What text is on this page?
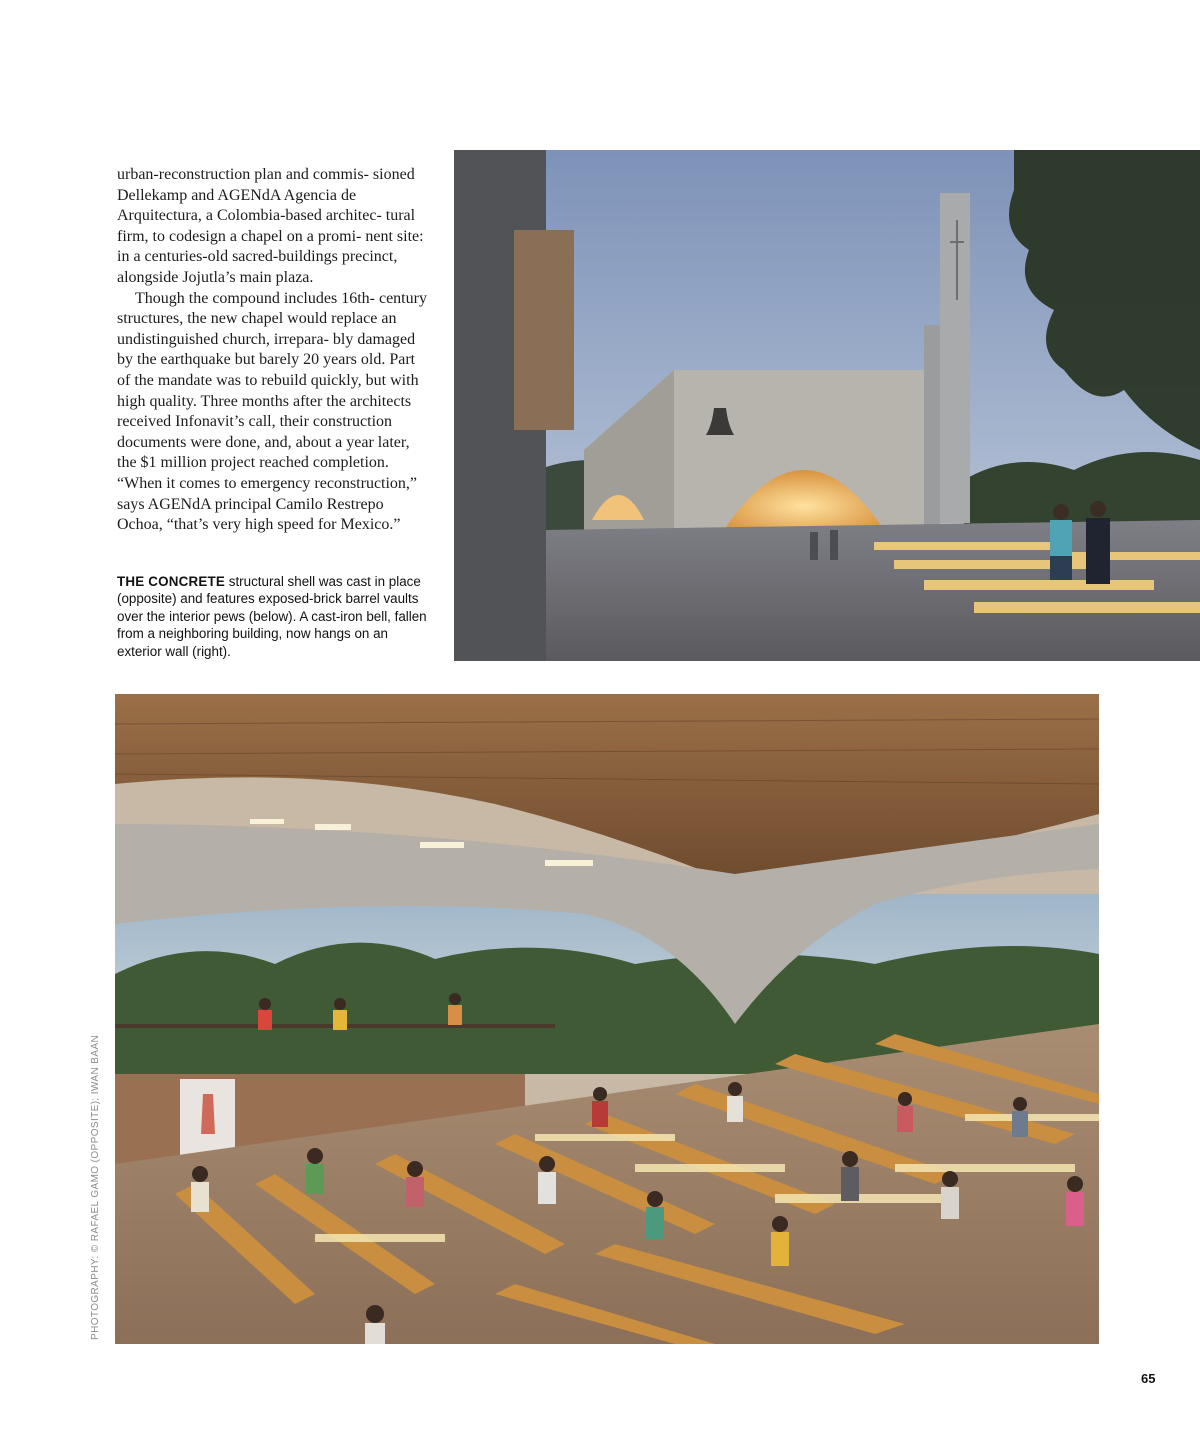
urban-reconstruction plan and commis- sioned Dellekamp and AGENdA Agencia de Arquitectura, a Colombia-based architec- tural firm, to codesign a chapel on a promi- nent site: in a centuries-old sacred-buildings precinct, alongside Jojutla’s main plaza.

Though the compound includes 16th- century structures, the new chapel would replace an undistinguished church, irrepara- bly damaged by the earthquake but barely 20 years old. Part of the mandate was to rebuild quickly, but with high quality. Three months after the architects received Infonavit’s call, their construction documents were done, and, about a year later, the $1 million project reached completion. “When it comes to emergency reconstruction,” says AGENdA principal Camilo Restrepo Ochoa, “that’s very high speed for Mexico.”

THE CONCRETE structural shell was cast in place (opposite) and features exposed-brick barrel vaults over the interior pews (below). A cast-iron bell, fallen from a neighboring building, now hangs on an exterior wall (right).
PHOTOGRAPHY: © RAFAEL GAMO (OPPOSITE); IWAN BAAN
65
